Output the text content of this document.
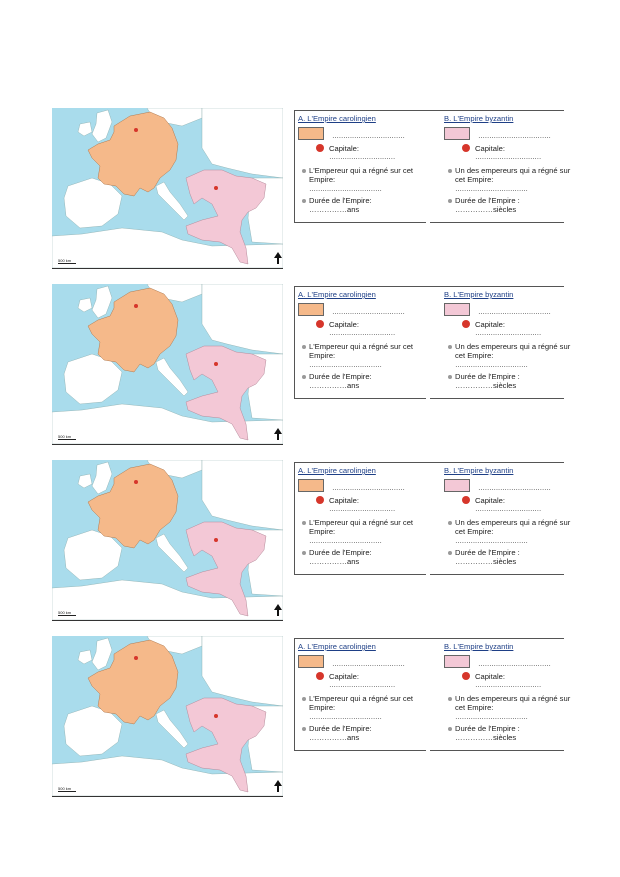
500 km
A. L'Empire carolingien
……………………………
Capitale:
…………………………
L'Empereur qui a régné sur cet Empire:
……………………………
Durée de l'Empire:
……………ans
B. L'Empire byzantin
……………………………
Capitale:
…………………………
Un des empereurs qui a régné sur cet Empire:
……………………………
Durée de l'Empire :
……………siècles
500 km
A. L'Empire carolingien
……………………………
Capitale:
…………………………
L'Empereur qui a régné sur cet Empire:
……………………………
Durée de l'Empire:
……………ans
B. L'Empire byzantin
……………………………
Capitale:
…………………………
Un des empereurs qui a régné sur cet Empire:
……………………………
Durée de l'Empire :
……………siècles
500 km
A. L'Empire carolingien
……………………………
Capitale:
…………………………
L'Empereur qui a régné sur cet Empire:
……………………………
Durée de l'Empire:
……………ans
B. L'Empire byzantin
……………………………
Capitale:
…………………………
Un des empereurs qui a régné sur cet Empire:
……………………………
Durée de l'Empire :
……………siècles
500 km
A. L'Empire carolingien
……………………………
Capitale:
…………………………
L'Empereur qui a régné sur cet Empire:
……………………………
Durée de l'Empire:
……………ans
B. L'Empire byzantin
……………………………
Capitale:
…………………………
Un des empereurs qui a régné sur cet Empire:
……………………………
Durée de l'Empire :
……………siècles
